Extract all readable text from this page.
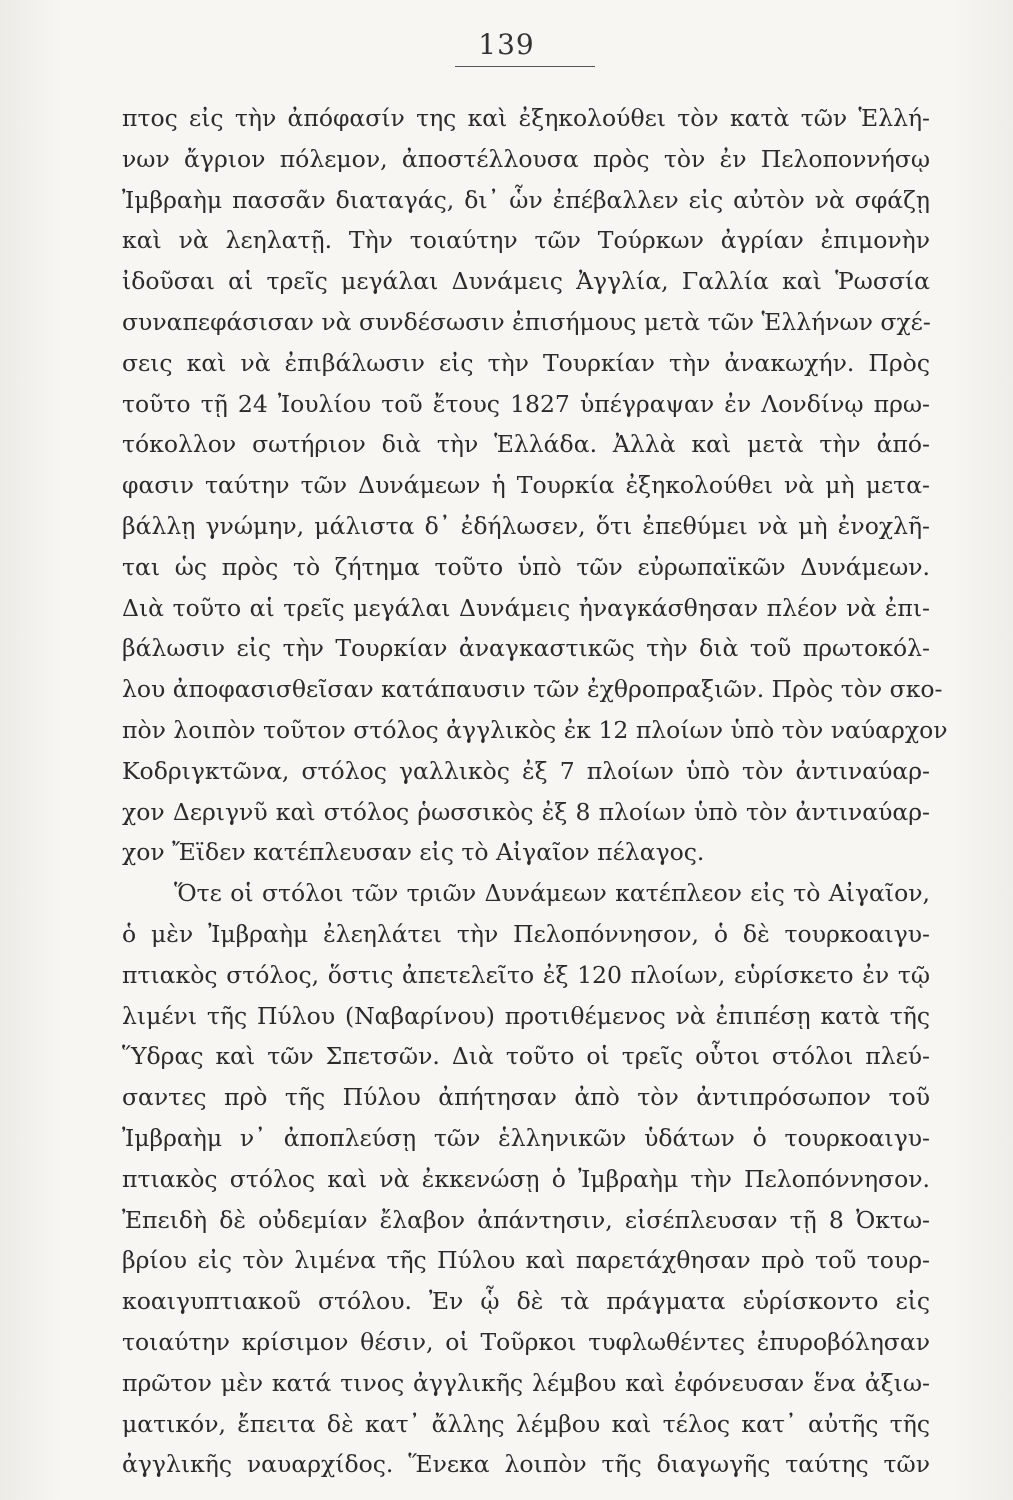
139
πτος εἰς τὴν ἀπόφασίν της καὶ ἐξηκολούθει τὸν κατὰ τῶν Ἑλλή-
νων ἄγριον πόλεμον, ἀποστέλλουσα πρὸς τὸν ἐν Πελοποννήσῳ
Ἰμβραὴμ πασσᾶν διαταγάς, δι᾿ ὧν ἐπέβαλλεν εἰς αὐτὸν νὰ σφάζῃ
καὶ νὰ λεηλατῇ. Τὴν τοιαύτην τῶν Τούρκων ἀγρίαν ἐπιμονὴν
ἰδοῦσαι αἱ τρεῖς μεγάλαι Δυνάμεις Ἀγγλία, Γαλλία καὶ Ῥωσσία
συναπεφάσισαν νὰ συνδέσωσιν ἐπισήμους μετὰ τῶν Ἑλλήνων σχέ-
σεις καὶ νὰ ἐπιβάλωσιν εἰς τὴν Τουρκίαν τὴν ἀνακωχήν. Πρὸς
τοῦτο τῇ 24 Ἰουλίου τοῦ ἔτους 1827 ὑπέγραψαν ἐν Λονδίνῳ πρω-
τόκολλον σωτήριον διὰ τὴν Ἑλλάδα. Ἀλλὰ καὶ μετὰ τὴν ἀπό-
φασιν ταύτην τῶν Δυνάμεων ἡ Τουρκία ἐξηκολούθει νὰ μὴ μετα-
βάλλῃ γνώμην, μάλιστα δ᾿ ἐδήλωσεν, ὅτι ἐπεθύμει νὰ μὴ ἐνοχλῆ-
ται ὡς πρὸς τὸ ζήτημα τοῦτο ὑπὸ τῶν εὐρωπαϊκῶν Δυνάμεων.
Διὰ τοῦτο αἱ τρεῖς μεγάλαι Δυνάμεις ἠναγκάσθησαν πλέον νὰ ἐπι-
βάλωσιν εἰς τὴν Τουρκίαν ἀναγκαστικῶς τὴν διὰ τοῦ πρωτοκόλ-
λου ἀποφασισθεῖσαν κατάπαυσιν τῶν ἐχθροπραξιῶν. Πρὸς τὸν σκο-
πὸν λοιπὸν τοῦτον στόλος ἀγγλικὸς ἐκ 12 πλοίων ὑπὸ τὸν ναύαρχον
Κοδριγκτῶνα, στόλος γαλλικὸς ἐξ 7 πλοίων ὑπὸ τὸν ἀντιναύαρ-
χον Δεριγνῦ καὶ στόλος ῥωσσικὸς ἐξ 8 πλοίων ὑπὸ τὸν ἀντιναύαρ-
χον Ἔϊδεν κατέπλευσαν εἰς τὸ Αἰγαῖον πέλαγος.
Ὅτε οἱ στόλοι τῶν τριῶν Δυνάμεων κατέπλεον εἰς τὸ Αἰγαῖον,
ὁ μὲν Ἰμβραὴμ ἐλεηλάτει τὴν Πελοπόννησον, ὁ δὲ τουρκοαιγυ-
πτιακὸς στόλος, ὅστις ἀπετελεῖτο ἐξ 120 πλοίων, εὑρίσκετο ἐν τῷ
λιμένι τῆς Πύλου (Ναβαρίνου) προτιθέμενος νὰ ἐπιπέσῃ κατὰ τῆς
Ὕδρας καὶ τῶν Σπετσῶν. Διὰ τοῦτο οἱ τρεῖς οὗτοι στόλοι πλεύ-
σαντες πρὸ τῆς Πύλου ἀπήτησαν ἀπὸ τὸν ἀντιπρόσωπον τοῦ
Ἰμβραὴμ ν᾿ ἀποπλεύσῃ τῶν ἑλληνικῶν ὑδάτων ὁ τουρκοαιγυ-
πτιακὸς στόλος καὶ νὰ ἐκκενώσῃ ὁ Ἰμβραὴμ τὴν Πελοπόννησον.
Ἐπειδὴ δὲ οὐδεμίαν ἔλαβον ἀπάντησιν, εἰσέπλευσαν τῇ 8 Ὀκτω-
βρίου εἰς τὸν λιμένα τῆς Πύλου καὶ παρετάχθησαν πρὸ τοῦ τουρ-
κοαιγυπτιακοῦ στόλου. Ἐν ᾧ δὲ τὰ πράγματα εὑρίσκοντο εἰς
τοιαύτην κρίσιμον θέσιν, οἱ Τοῦρκοι τυφλωθέντες ἐπυροβόλησαν
πρῶτον μὲν κατά τινος ἀγγλικῆς λέμβου καὶ ἐφόνευσαν ἕνα ἀξιω-
ματικόν, ἔπειτα δὲ κατ᾿ ἄλλης λέμβου καὶ τέλος κατ᾿ αὐτῆς τῆς
ἀγγλικῆς ναυαρχίδος. Ἕνεκα λοιπὸν τῆς διαγωγῆς ταύτης τῶν
